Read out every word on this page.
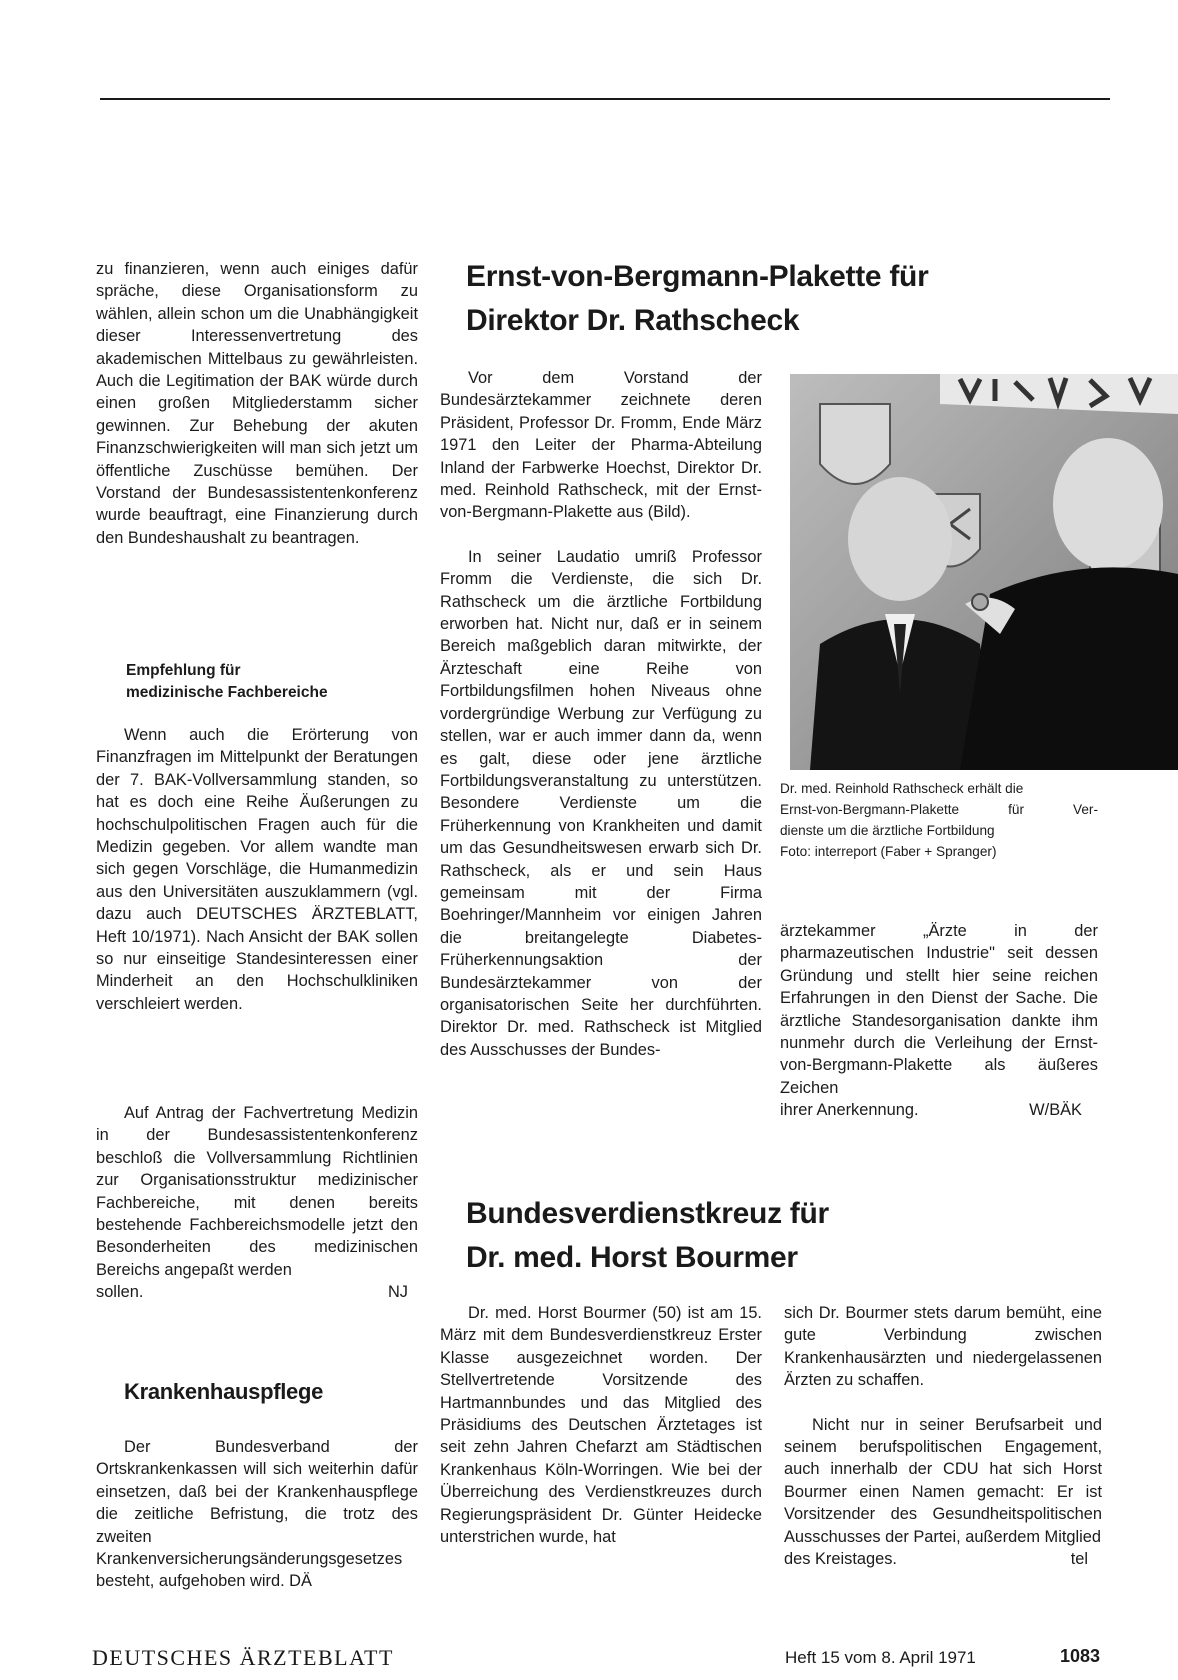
zu finanzieren, wenn auch einiges dafür spräche, diese Organisationsform zu wählen, allein schon um die Unabhängigkeit dieser Interessenvertretung des akademischen Mittelbaus zu gewährleisten. Auch die Legitimation der BAK würde durch einen großen Mitgliederstamm sicher gewinnen. Zur Behebung der akuten Finanzschwierigkeiten will man sich jetzt um öffentliche Zuschüsse bemühen. Der Vorstand der Bundesassistentenkonferenz wurde beauftragt, eine Finanzierung durch den Bundeshaushalt zu beantragen.

Empfehlung für
medizinische Fachbereiche

Wenn auch die Erörterung von Finanzfragen im Mittelpunkt der Beratungen der 7. BAK-Vollversammlung standen, so hat es doch eine Reihe Äußerungen zu hochschulpolitischen Fragen auch für die Medizin gegeben. Vor allem wandte man sich gegen Vorschläge, die Humanmedizin aus den Universitäten auszuklammern (vgl. dazu auch DEUTSCHES ÄRZTEBLATT, Heft 10/1971). Nach Ansicht der BAK sollen so nur einseitige Standesinteressen einer Minderheit an den Hochschulkliniken verschleiert werden.

Auf Antrag der Fachvertretung Medizin in der Bundesassistentenkonferenz beschloß die Vollversammlung Richtlinien zur Organisationsstruktur medizinischer Fachbereiche, mit denen bereits bestehende Fachbereichsmodelle jetzt den Besonderheiten des medizinischen Bereichs angepaßt werden

sollen.	NJ
Krankenhauspflege

Der Bundesverband der Ortskrankenkassen will sich weiterhin dafür einsetzen, daß bei der Krankenhauspflege die zeitliche Befristung, die trotz des zweiten Krankenversicherungsänderungsgesetzes besteht, aufgehoben wird. DÄ

Ernst-von-Bergmann-Plakette für
Direktor Dr. Rathscheck

Vor dem Vorstand der Bundesärztekammer zeichnete deren Präsident, Professor Dr. Fromm, Ende März 1971 den Leiter der Pharma-Abteilung Inland der Farbwerke Hoechst, Direktor Dr. med. Reinhold Rathscheck, mit der Ernst-von-Bergmann-Plakette aus (Bild).

In seiner Laudatio umriß Professor Fromm die Verdienste, die sich Dr. Rathscheck um die ärztliche Fortbildung erworben hat. Nicht nur, daß er in seinem Bereich maßgeblich daran mitwirkte, der Ärzteschaft eine Reihe von Fortbildungsfilmen hohen Niveaus ohne vordergründige Werbung zur Verfügung zu stellen, war er auch immer dann da, wenn es galt, diese oder jene ärztliche Fortbildungsveranstaltung zu unterstützen. Besondere Verdienste um die Früherkennung von Krankheiten und damit um das Gesundheitswesen erwarb sich Dr. Rathscheck, als er und sein Haus gemeinsam mit der Firma Boehringer/Mannheim vor einigen Jahren die breitangelegte Diabetes-Früherkennungsaktion der Bundesärztekammer von der organisatorischen Seite her durchführten. Direktor Dr. med. Rathscheck ist Mitglied des Ausschusses der Bundes-

Dr. med. Reinhold Rathscheck erhält die
Ernst-von-Bergmann-Plakette für Ver-
dienste um die ärztliche Fortbildung
Foto: interreport (Faber + Spranger)

ärztekammer „Ärzte in der pharmazeutischen Industrie" seit dessen Gründung und stellt hier seine reichen Erfahrungen in den Dienst der Sache. Die ärztliche Standesorganisation dankte ihm nunmehr durch die Verleihung der Ernst-von-Bergmann-Plakette als äußeres Zeichen

ihrer Anerkennung.	W/BÄK
Bundesverdienstkreuz für
Dr. med. Horst Bourmer

Dr. med. Horst Bourmer (50) ist am 15. März mit dem Bundesverdienstkreuz Erster Klasse ausgezeichnet worden. Der Stellvertretende Vorsitzende des Hartmannbundes und das Mitglied des Präsidiums des Deutschen Ärztetages ist seit zehn Jahren Chefarzt am Städtischen Krankenhaus Köln-Worringen. Wie bei der Überreichung des Verdienstkreuzes durch Regierungspräsident Dr. Günter Heidecke unterstrichen wurde, hat

sich Dr. Bourmer stets darum bemüht, eine gute Verbindung zwischen Krankenhausärzten und niedergelassenen Ärzten zu schaffen.

Nicht nur in seiner Berufsarbeit und seinem berufspolitischen Engagement, auch innerhalb der CDU hat sich Horst Bourmer einen Namen gemacht: Er ist Vorsitzender des Gesundheitspolitischen Ausschusses der Partei, außerdem Mitglied

des Kreistages.	tel
DEUTSCHES ÄRZTEBLATT	Heft 15 vom 8. April 1971	1083
